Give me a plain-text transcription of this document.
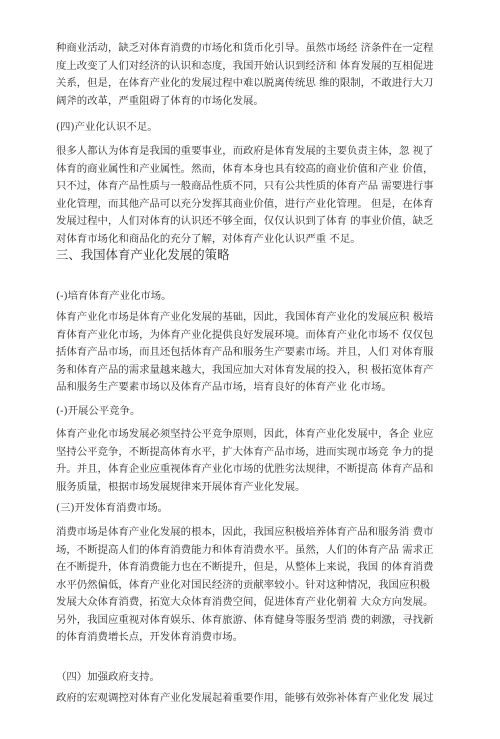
种商业活动，缺乏对体育消费的市场化和货币化引导。虽然市场经 济条件在一定程

度上改变了人们对经济的认识和态度，我国开始认识到经济和 体育发展的互相促进

关系，但是，在体育产业化的发展过程中难以脱离传统思 维的限制，不敢进行大刀

阔斧的改革，严重阻碍了体育的市场化发展。

(四)产业化认识不足。

很多人都认为体育是我国的重要事业，而政府是体育发展的主要负责主体，忽 视了

体育的商业属性和产业属性。然而，体育本身也具有较高的商业价值和产业 价值，

只不过，体育产品性质与一般商品性质不同，只有公共性质的体育产品 需要进行事

业化管理，而其他产品可以充分发挥其商业价值，进行产业化管理。 但是，在体育

发展过程中，人们对体育的认识还不够全面，仅仅认识到了体育 的事业价值，缺乏

对体育市场化和商品化的充分了解，对体育产业化认识严重 不足。

三、我国体育产业化发展的策略
(-)培育体育产业化市场。

体育产业化市场是体育产业化发展的基础，因此，我国体育产业化的发展应积 极培

育体育产业化市场，为体育产业化提供良好发展环境。而体育产业化市场不 仅仅包

括体育产品市场，而且还包括体育产品和服务生产要素市场。并且，人们 对体育服

务和体育产品的需求量越来越大，我国应加大对体育发展的投入，积 极拓宽体育产

品和服务生产要素市场以及体育产品市场，培育良好的体育产业 化市场。

(-)开展公平竞争。

体育产业化市场发展必须坚持公平竞争原则，因此，体育产业化发展中，各企 业应

坚持公平竞争，不断提高体育水平，扩大体育产品市场，进而实现市场竞 争力的提

升。并且，体育企业应重视体育产业化市场的优胜劣汰规律，不断提高 体育产品和

服务质量，根据市场发展规律来开展体育产业化发展。

(三)开发体育消费市场。

消费市场是体育产业化发展的根本，因此，我国应积极培养体育产品和服务消 费市

场，不断提高人们的体育消费能力和体育消费水平。虽然，人们的体育产品 需求正

在不断提升，体育消费能力也在不断提升，但是，从整体上来说，我国 的体育消费

水平仍然偏低，体育产业化对国民经济的贡献率较小。针对这种情况，我国应积极

发展大众体育消费，拓宽大众体育消费空间，促进体育产业化朝着 大众方向发展。

另外，我国应重视对体育娱乐、体育旅游、体育健身等服务型消 费的刺激，寻找新

的体育消费增长点，开发体育消费市场。

（四）加强政府支持。

政府的宏观调控对体育产业化发展起着重要作用，能够有效弥补体育产业化发 展过
